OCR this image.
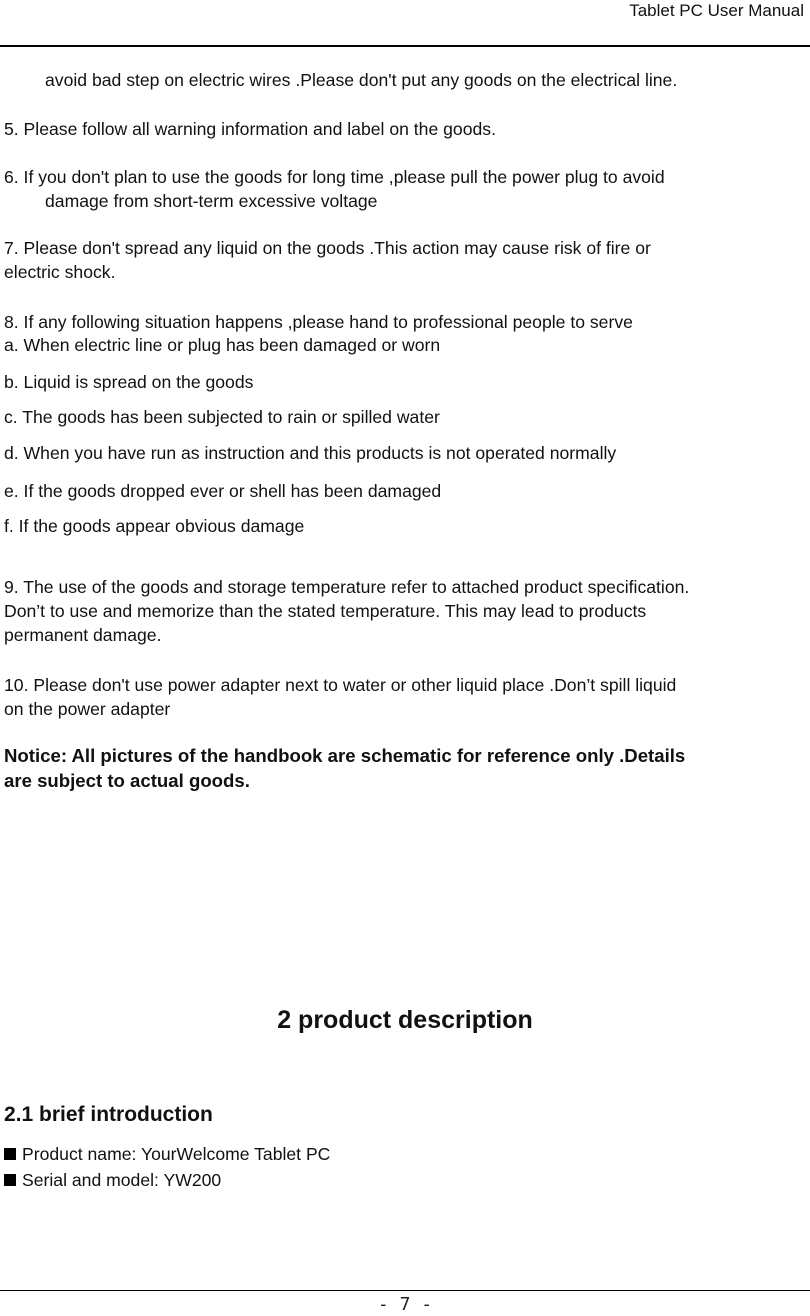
Tablet PC User Manual
avoid bad step on electric wires .Please don't put any goods on the electrical line.
5. Please follow all warning information and label on the goods.
6. If you don't plan to use the goods for long time ,please pull the power plug to avoid
damage from short-term excessive voltage
7. Please don't spread any liquid on the goods .This action may cause risk of fire or
electric shock.
8. If any following situation happens ,please hand to professional people to serve
a. When electric line or plug has been damaged or worn
b. Liquid is spread on the goods
c. The goods has been subjected to rain or spilled water
d. When you have run as instruction and this products is not operated normally
e. If the goods dropped ever or shell has been damaged
f. If the goods appear obvious damage
9. The use of the goods and storage temperature refer to attached product specification.
Don’t to use and memorize than the stated temperature. This may lead to products
permanent damage.
10. Please don't use power adapter next to water or other liquid place .Don’t spill liquid
on the power adapter
Notice: All pictures of the handbook are schematic for reference only .Details
are subject to actual goods.
2 product description
2.1 brief introduction
Product name: YourWelcome Tablet PC
Serial and model: YW200
- 7 -
